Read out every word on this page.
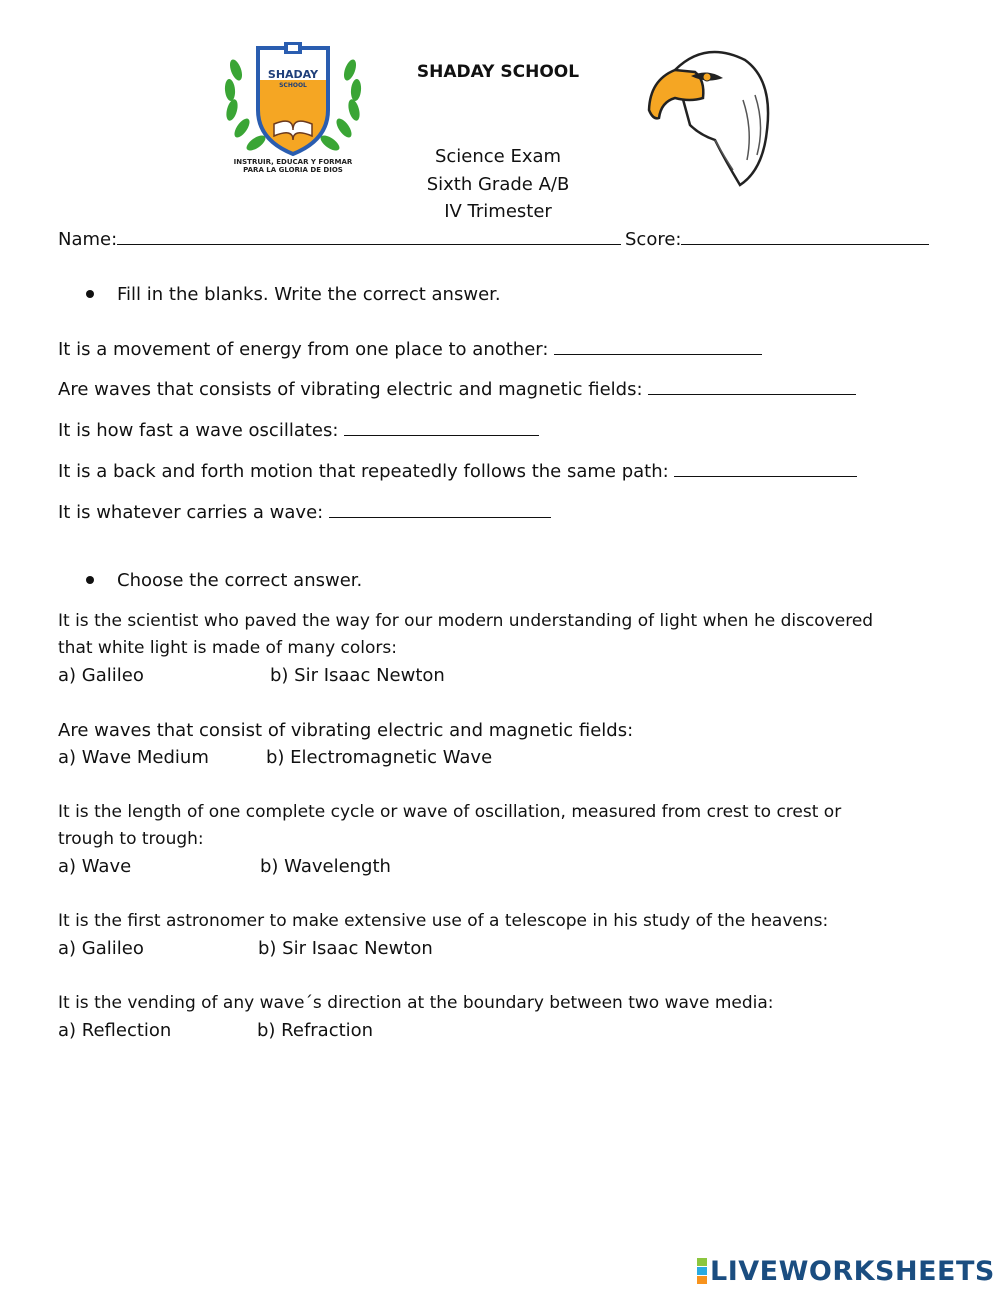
SHADAY
SCHOOL
INSTRUIR, EDUCAR Y FORMAR
PARA LA GLORIA DE DIOS
SHADAY SCHOOL
Science Exam
Sixth Grade A/B
IV Trimester
Name:	Score:
Fill in the blanks. Write the correct answer.
It is a movement of energy from one place to another:
Are waves that consists of vibrating electric and magnetic fields:
It is how fast a wave oscillates:
It is a back and forth motion that repeatedly follows the same path:
It is whatever carries a wave:
Choose the correct answer.
It is the scientist who paved the way for our modern understanding of light when he discovered
that white light is made of many colors:
a) Galileo	b) Sir Isaac Newton
Are waves that consist of vibrating electric and magnetic fields:
a) Wave Medium	b) Electromagnetic Wave
It is the length of one complete cycle or wave of oscillation, measured from crest to crest or
trough to trough:
a) Wave	b) Wavelength
It is the first astronomer to make extensive use of a telescope in his study of the heavens:
a) Galileo	b) Sir Isaac Newton
It is the vending of any wave´s direction at the boundary between two wave media:
a) Reflection	b) Refraction
LIVEWORKSHEETS
